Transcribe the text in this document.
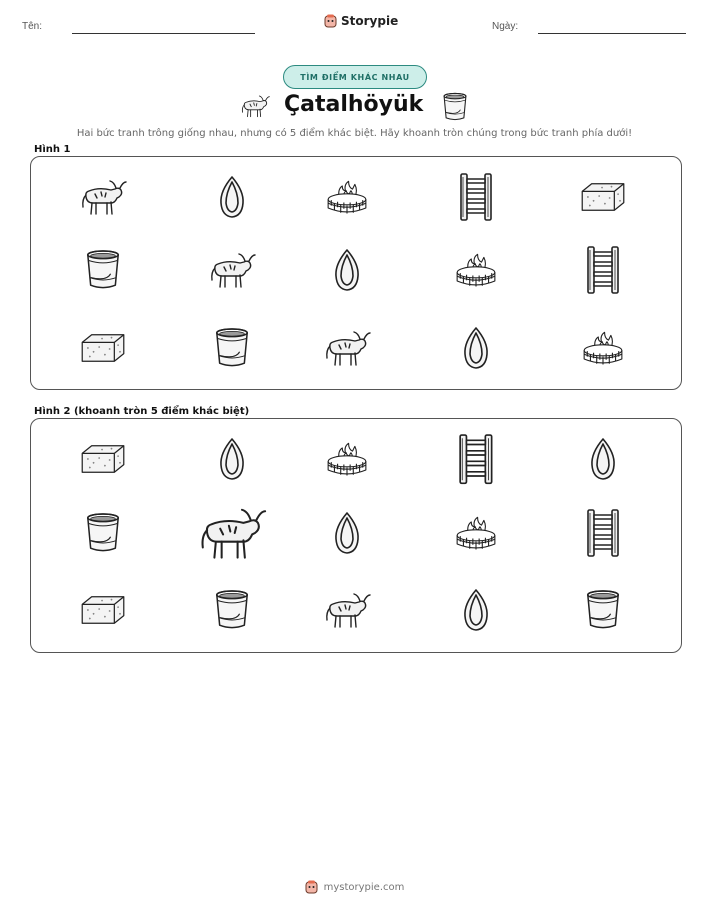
Tên:	Storypie	Ngày:
TÌM ĐIỂM KHÁC NHAU
Çatalhöyük
Hai bức tranh trông giống nhau, nhưng có 5 điểm khác biệt. Hãy khoanh tròn chúng trong bức tranh phía dưới!
Hình 1
Hình 2 (khoanh tròn 5 điểm khác biệt)
mystorypie.com
